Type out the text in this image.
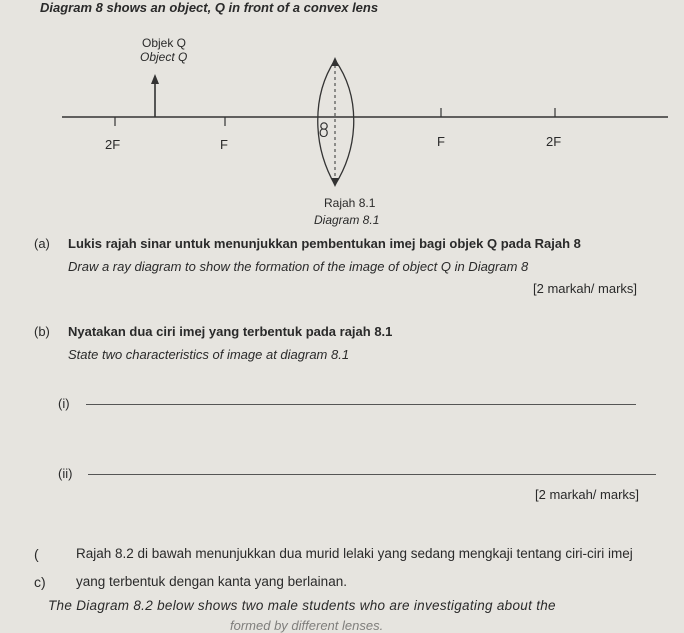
Diagram 8 shows an object, Q in front of a convex lens
Objek Q
Object Q
2F	F
O
F	2F
Rajah 8.1
Diagram 8.1
(a) Lukis rajah sinar untuk menunjukkan pembentukan imej bagi objek Q pada Rajah 8
Draw a ray diagram to show the formation of the image of object Q in Diagram 8
[2 markah/ marks]
(b) Nyatakan dua ciri imej yang terbentuk pada rajah 8.1
State two characteristics of image at diagram 8.1
(i)
(ii)
[2 markah/ marks]
(	Rajah 8.2 di bawah menunjukkan dua murid lelaki yang sedang mengkaji tentang ciri-ciri imej
c) yang terbentuk dengan kanta yang berlainan.
The Diagram 8.2 below shows two male students who are investigating about the
formed by different lenses.
